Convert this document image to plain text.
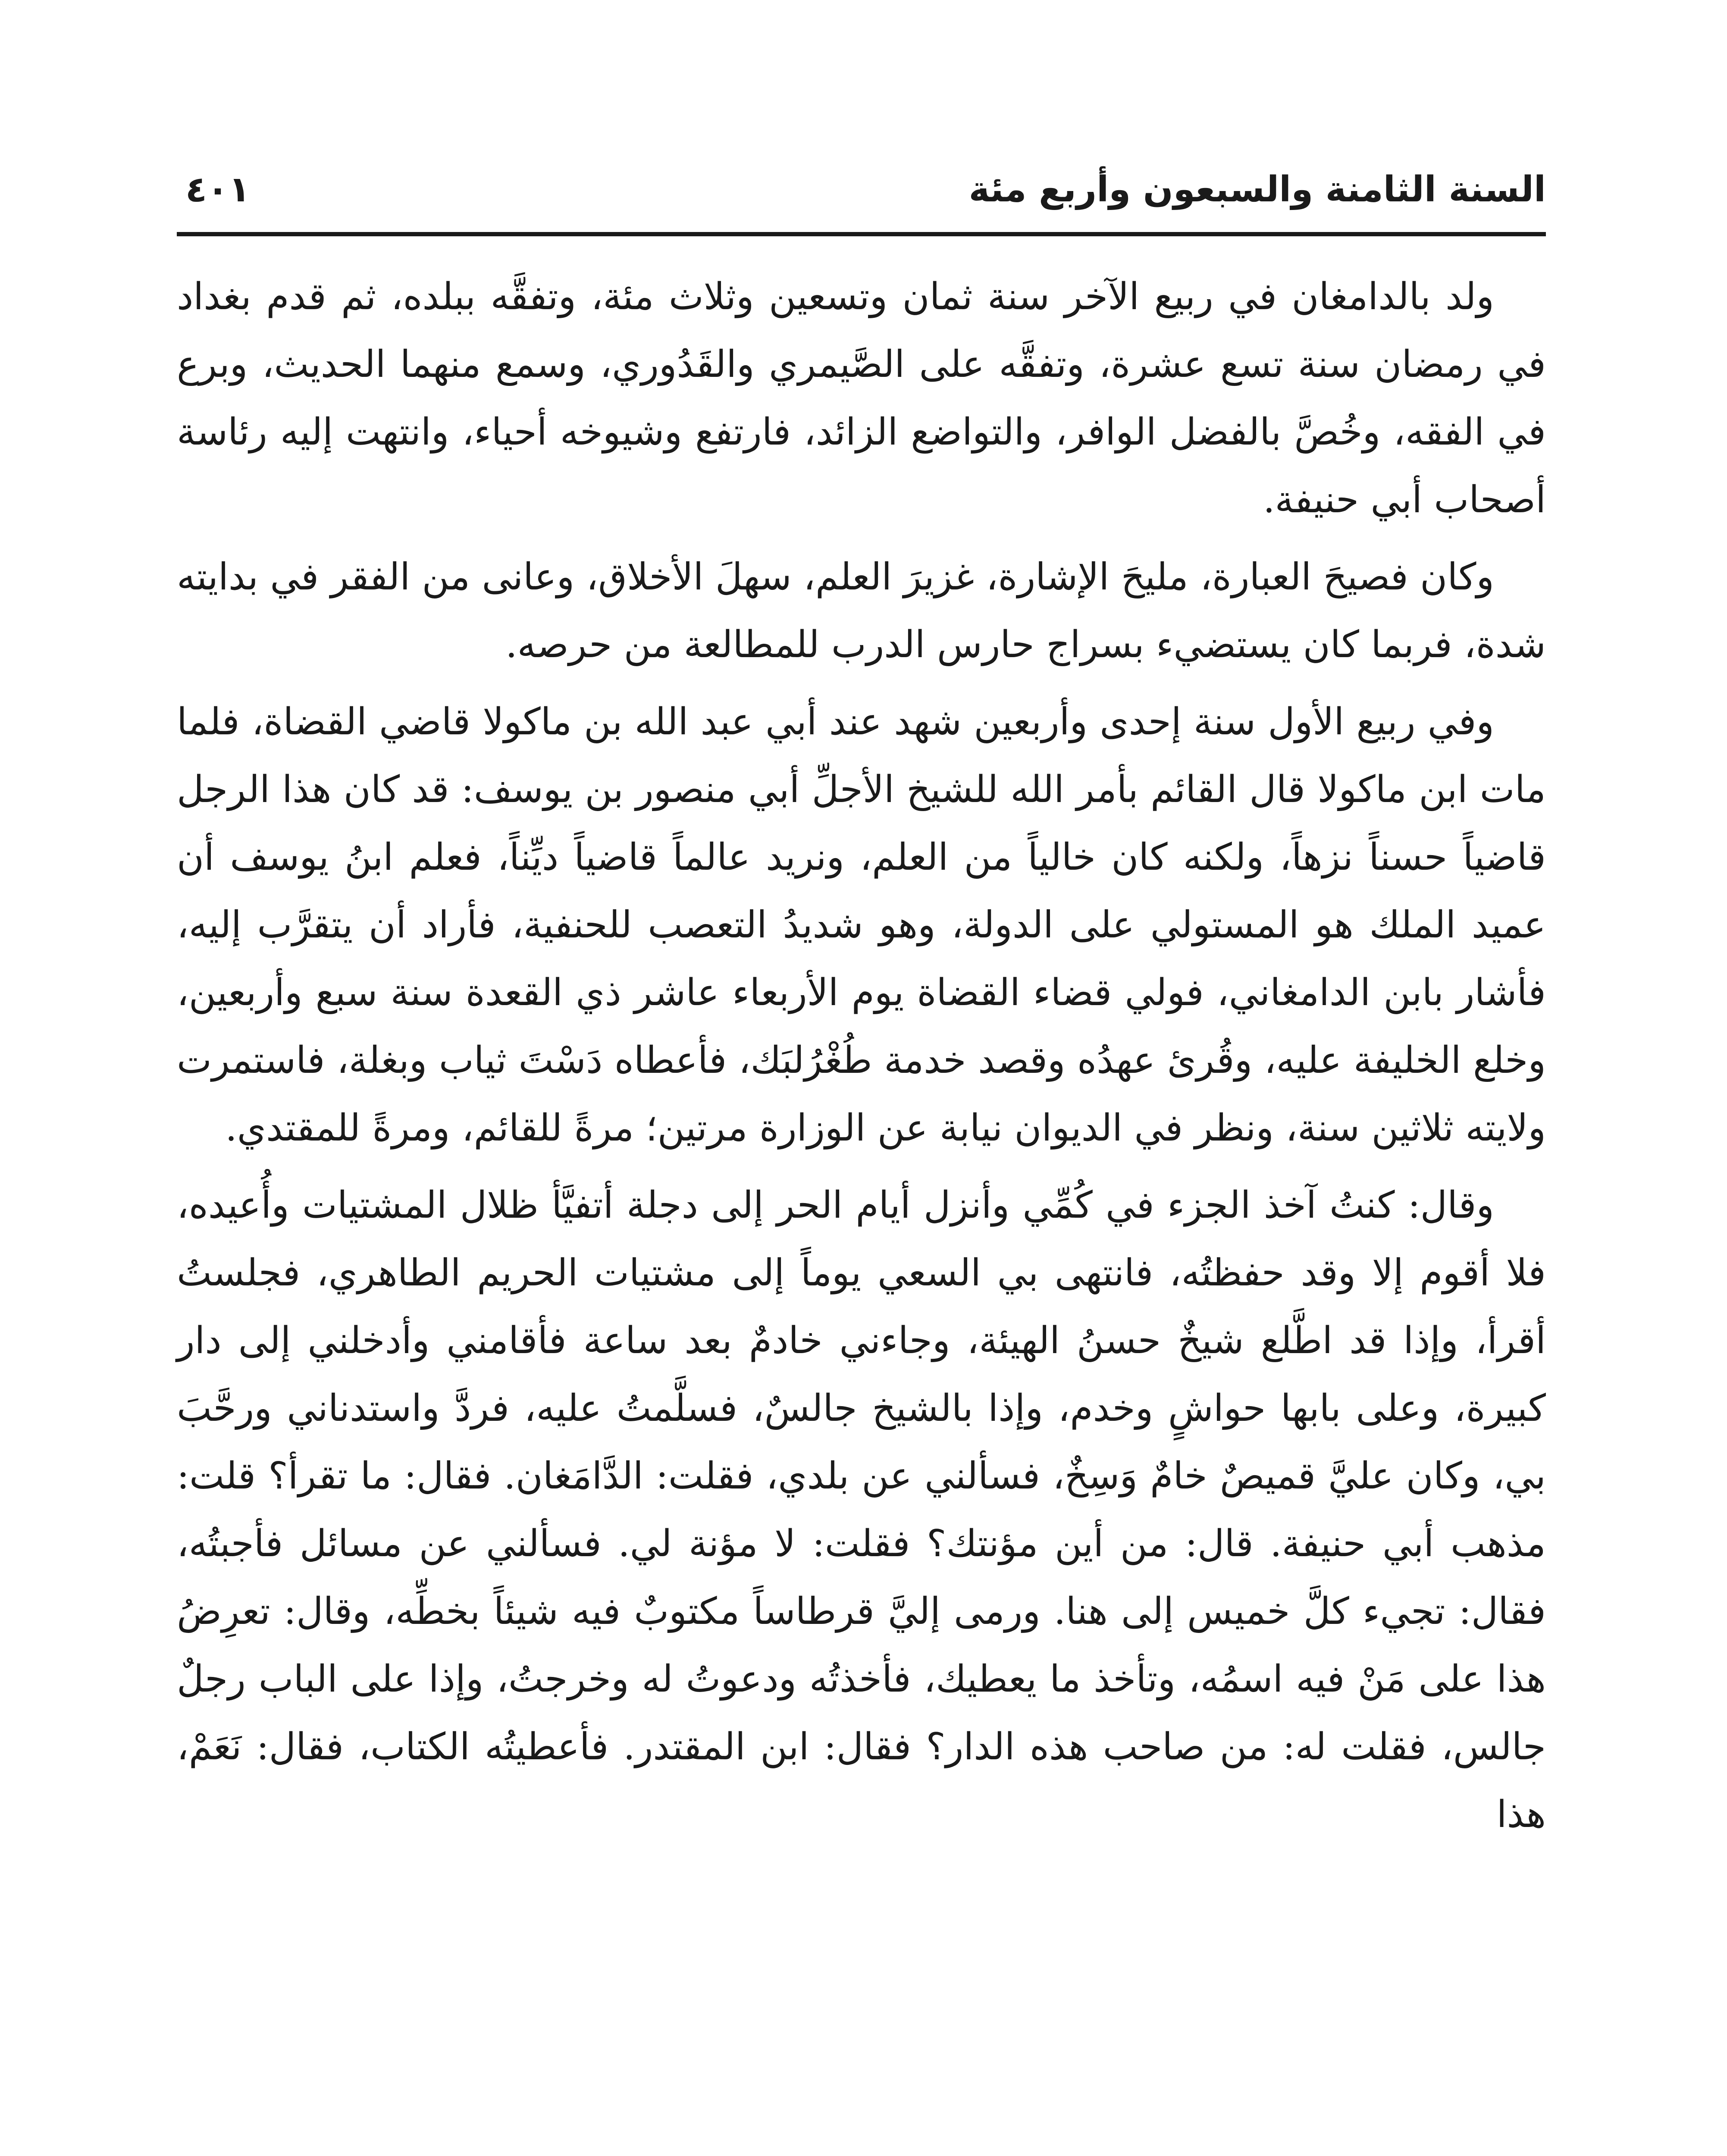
السنة الثامنة والسبعون وأربع مئة
٤٠١

ولد بالدامغان في ربيع الآخر سنة ثمان وتسعين وثلاث مئة، وتفقَّه ببلده، ثم قدم بغداد في رمضان سنة تسع عشرة، وتفقَّه على الصَّيمري والقَدُوري، وسمع منهما الحديث، وبرع في الفقه، وخُصَّ بالفضل الوافر، والتواضع الزائد، فارتفع وشيوخه أحياء، وانتهت إليه رئاسة أصحاب أبي حنيفة.

وكان فصيحَ العبارة، مليحَ الإشارة، غزيرَ العلم، سهلَ الأخلاق، وعانى من الفقر في بدايته شدة، فربما كان يستضيء بسراج حارس الدرب للمطالعة من حرصه.

وفي ربيع الأول سنة إحدى وأربعين شهد عند أبي عبد الله بن ماكولا قاضي القضاة، فلما مات ابن ماكولا قال القائم بأمر الله للشيخ الأجلِّ أبي منصور بن يوسف: قد كان هذا الرجل قاضياً حسناً نزهاً، ولكنه كان خالياً من العلم، ونريد عالماً قاضياً ديِّناً، فعلم ابنُ يوسف أن عميد الملك هو المستولي على الدولة، وهو شديدُ التعصب للحنفية، فأراد أن يتقرَّب إليه، فأشار بابن الدامغاني، فولي قضاء القضاة يوم الأربعاء عاشر ذي القعدة سنة سبع وأربعين، وخلع الخليفة عليه، وقُرئ عهدُه وقصد خدمة طُغْرُلبَك، فأعطاه دَسْتَ ثياب وبغلة، فاستمرت ولايته ثلاثين سنة، ونظر في الديوان نيابة عن الوزارة مرتين؛ مرةً للقائم، ومرةً للمقتدي.

وقال: كنتُ آخذ الجزء في كُمِّي وأنزل أيام الحر إلى دجلة أتفيَّأ ظلال المشتيات وأُعيده، فلا أقوم إلا وقد حفظتُه، فانتهى بي السعي يوماً إلى مشتيات الحريم الطاهري، فجلستُ أقرأ، وإذا قد اطَّلع شيخٌ حسنُ الهيئة، وجاءني خادمٌ بعد ساعة فأقامني وأدخلني إلى دار كبيرة، وعلى بابها حواشٍ وخدم، وإذا بالشيخ جالسٌ، فسلَّمتُ عليه، فردَّ واستدناني ورحَّبَ بي، وكان عليَّ قميصٌ خامٌ وَسِخٌ، فسألني عن بلدي، فقلت: الدَّامَغان. فقال: ما تقرأ؟ قلت: مذهب أبي حنيفة. قال: من أين مؤنتك؟ فقلت: لا مؤنة لي. فسألني عن مسائل فأجبتُه، فقال: تجيء كلَّ خميس إلى هنا. ورمى إليَّ قرطاساً مكتوبٌ فيه شيئاً بخطِّه، وقال: تعرِضُ هذا على مَنْ فيه اسمُه، وتأخذ ما يعطيك، فأخذتُه ودعوتُ له وخرجتُ، وإذا على الباب رجلٌ جالس، فقلت له: من صاحب هذه الدار؟ فقال: ابن المقتدر. فأعطيتُه الكتاب، فقال: نَعَمْ، هذا
